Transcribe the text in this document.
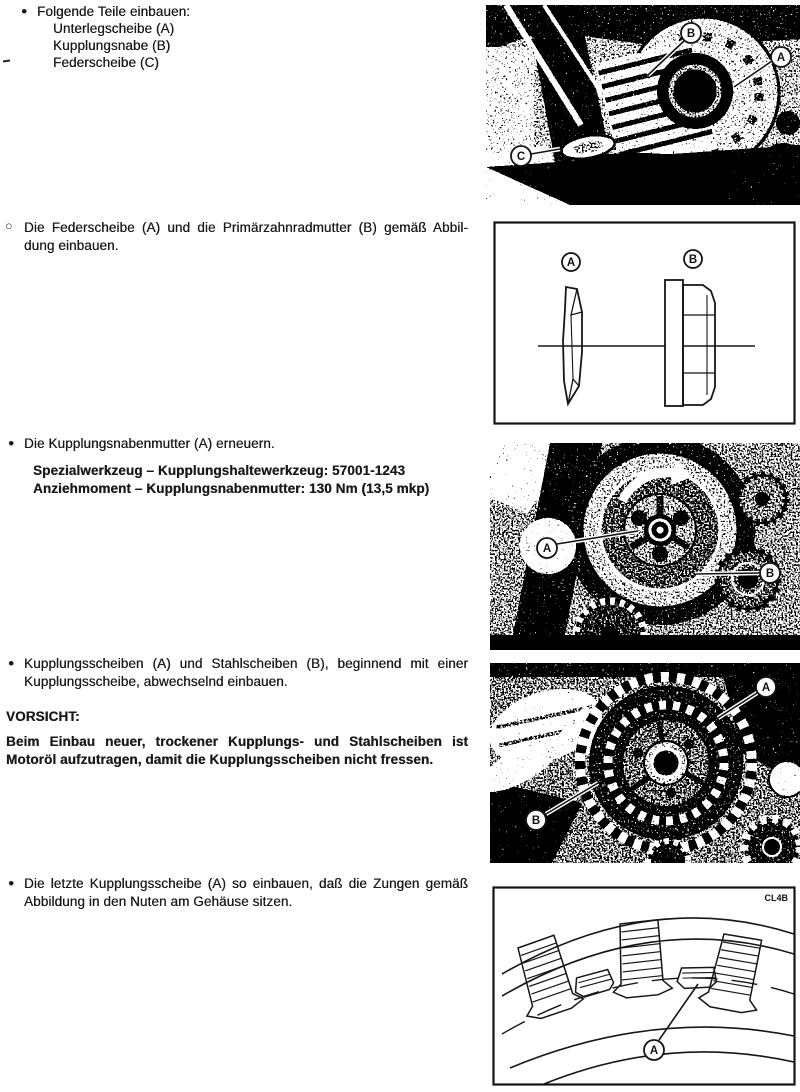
● Folgende Teile einbauen:
Unterlegscheibe (A)
Kupplungsnabe (B)
Federscheibe (C)
○ Die Federscheibe (A) und die Primärzahnradmutter (B) gemäß Abbil-
dung einbauen.
● Die Kupplungsnabenmutter (A) erneuern.
Spezialwerkzeug – Kupplungshaltewerkzeug: 57001-1243
Anziehmoment – Kupplungsnabenmutter: 130 Nm (13,5 mkp)
● Kupplungsscheiben (A) und Stahlscheiben (B), beginnend mit einer
Kupplungsscheibe, abwechselnd einbauen.
VORSICHT:
Beim Einbau neuer, trockener Kupplungs- und Stahlscheiben ist
Motoröl aufzutragen, damit die Kupplungsscheiben nicht fressen.
● Die letzte Kupplungsscheibe (A) so einbauen, daß die Zungen gemäß
Abbildung in den Nuten am Gehäuse sitzen.
B
A
C
A	B
A
B
A
B
CL4B
A
